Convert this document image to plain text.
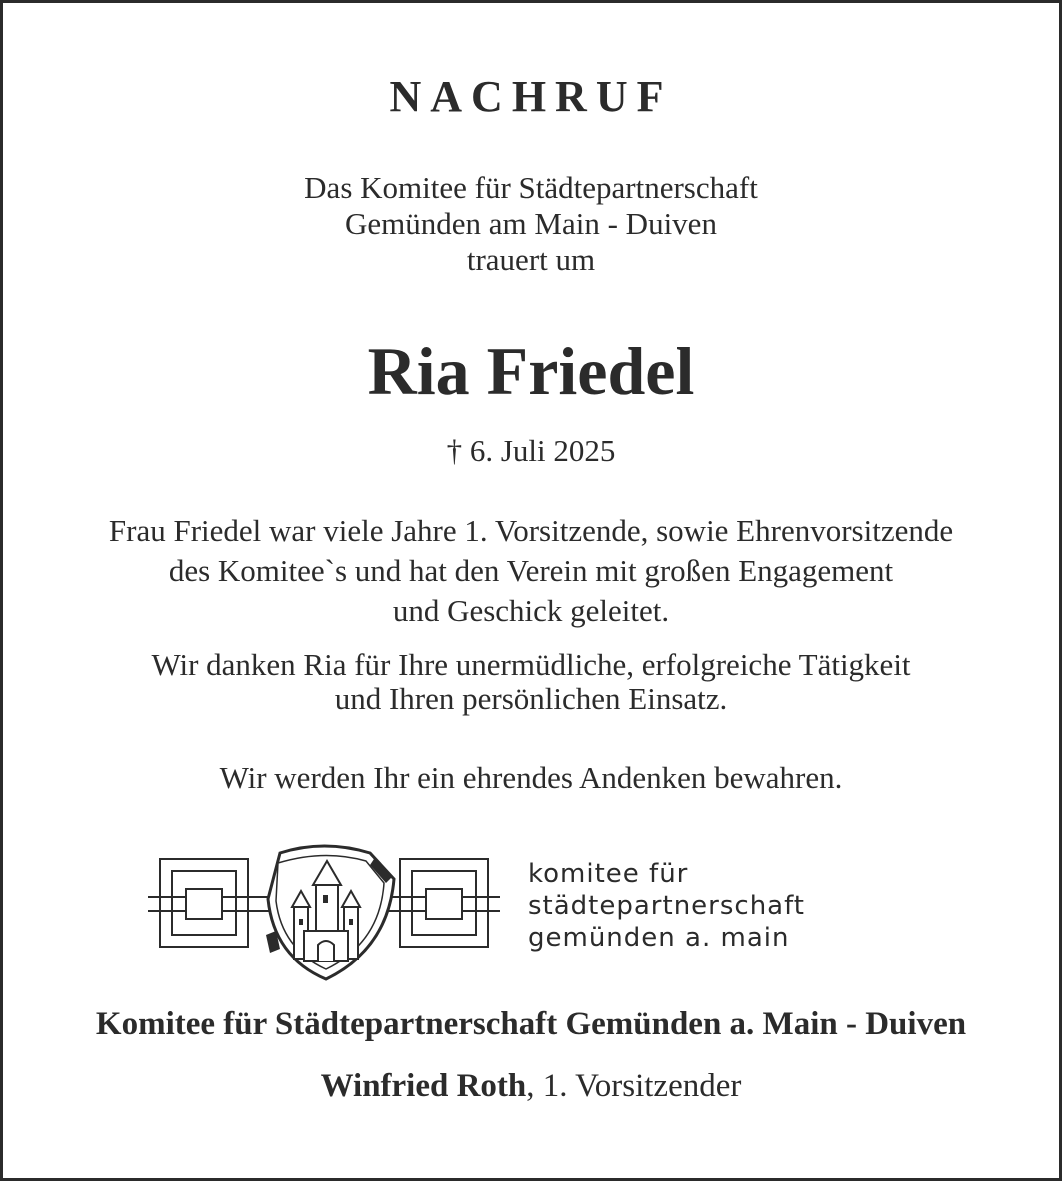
NACHRUF
Das Komitee für Städtepartnerschaft
Gemünden am Main - Duiven
trauert um
Ria Friedel
† 6. Juli 2025
Frau Friedel war viele Jahre 1. Vorsitzende, sowie Ehrenvorsitzende
des Komitee`s und hat den Verein mit großen Engagement
und Geschick geleitet.
Wir danken Ria für Ihre unermüdliche, erfolgreiche Tätigkeit
und Ihren persönlichen Einsatz.
Wir werden Ihr ein ehrendes Andenken bewahren.
komitee für
städtepartnerschaft
gemünden a. main
Komitee für Städtepartnerschaft Gemünden a. Main - Duiven
Winfried Roth, 1. Vorsitzender
